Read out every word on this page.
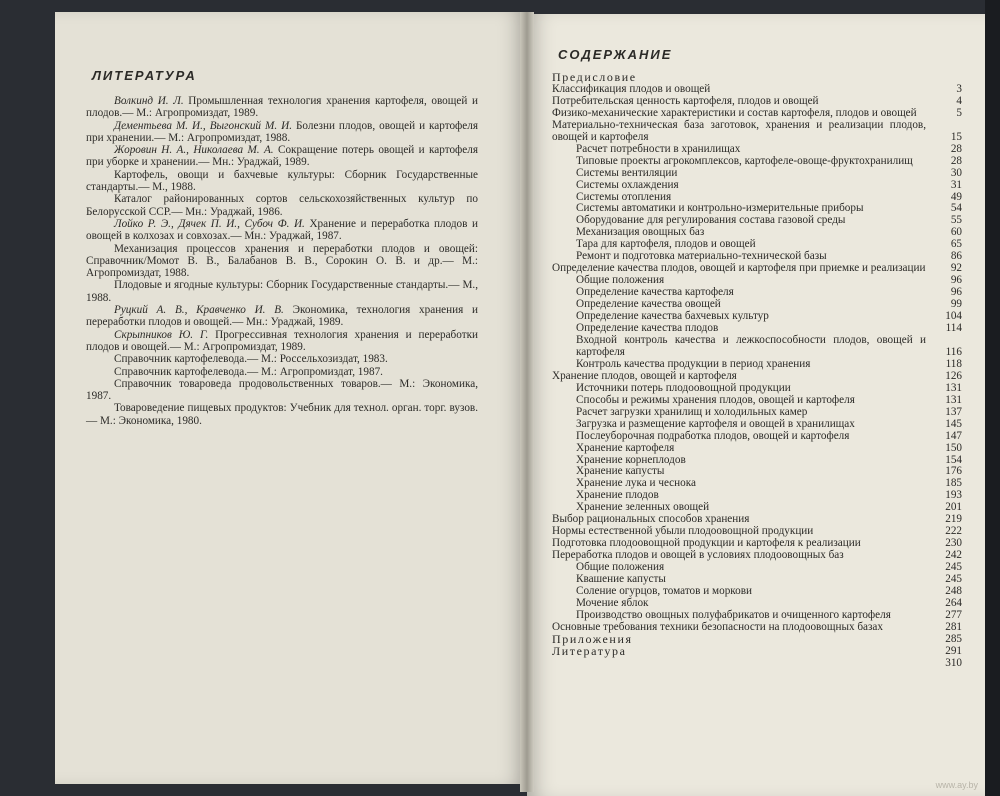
ЛИТЕРАТУРА

Волкинд И. Л. Промышленная технология хранения картофеля, овощей и плодов.— М.: Агропромиздат, 1989.

Дементьева М. И., Выгонский М. И. Болезни плодов, овощей и картофеля при хранении.— М.: Агропромиздат, 1988.

Жоровин Н. А., Николаева М. А. Сокращение потерь овощей и картофеля при уборке и хранении.— Мн.: Ураджай, 1989.

Картофель, овощи и бахчевые культуры: Сборник Государственные стандарты.— М., 1988.

Каталог районированных сортов сельскохозяйственных культур по Белорусской ССР.— Мн.: Ураджай, 1986.

Лойко Р. Э., Дячек П. И., Субоч Ф. И. Хранение и переработка плодов и овощей в колхозах и совхозах.— Мн.: Ураджай, 1987.

Механизация процессов хранения и переработки плодов и овощей: Справочник/Момот В. В., Балабанов В. В., Сорокин О. В. и др.— М.: Агропромиздат, 1988.

Плодовые и ягодные культуры: Сборник Государственные стандарты.— М., 1988.

Руцкий А. В., Кравченко И. В. Экономика, технология хранения и переработки плодов и овощей.— Мн.: Ураджай, 1989.

Скрыпников Ю. Г. Прогрессивная технология хранения и переработки плодов и овощей.— М.: Агропромиздат, 1989.

Справочник картофелевода.— М.: Россельхозиздат, 1983.

Справочник картофелевода.— М.: Агропромиздат, 1987.

Справочник товароведа продовольственных товаров.— М.: Экономика, 1987.

Товароведение пищевых продуктов: Учебник для технол. орган. торг. вузов.— М.: Экономика, 1980.

СОДЕРЖАНИЕ
Предисловие
Классификация плодов и овощей	3
Потребительская ценность картофеля, плодов и овощей	4
Физико-механические характеристики и состав картофеля, плодов и овощей	5
Материально-техническая база заготовок, хранения и реализации плодов, овощей и картофеля	15
Расчет потребности в хранилищах	28
Типовые проекты агрокомплексов, картофеле-овоще-фруктохранилищ	28
Системы вентиляции	30
Системы охлаждения	31
Системы отопления	49
Системы автоматики и контрольно-измерительные приборы	54
Оборудование для регулирования состава газовой среды	55
Механизация овощных баз	60
Тара для картофеля, плодов и овощей	65
Ремонт и подготовка материально-технической базы	86
Определение качества плодов, овощей и картофеля при приемке и реализации	92
Общие положения	96
Определение качества картофеля	96
Определение качества овощей	99
Определение качества бахчевых культур	104
Определение качества плодов	114
Входной контроль качества и лежкоспособности плодов, овощей и картофеля	116
Контроль качества продукции в период хранения	118
Хранение плодов, овощей и картофеля	126
Источники потерь плодоовощной продукции	131
Способы и режимы хранения плодов, овощей и картофеля	131
Расчет загрузки хранилищ и холодильных камер	137
Загрузка и размещение картофеля и овощей в хранилищах	145
Послеуборочная подработка плодов, овощей и картофеля	147
Хранение картофеля	150
Хранение корнеплодов	154
Хранение капусты	176
Хранение лука и чеснока	185
Хранение плодов	193
Хранение зеленных овощей	201
Выбор рациональных способов хранения	219
Нормы естественной убыли плодоовощной продукции	222
Подготовка плодоовощной продукции и картофеля к реализации	230
Переработка плодов и овощей в условиях плодоовощных баз	242
Общие положения	245
Квашение капусты	245
Соление огурцов, томатов и моркови	248
Мочение яблок	264
Производство овощных полуфабрикатов и очищенного картофеля	277
Основные требования техники безопасности на плодоовощных базах	281
Приложения	285
Литература	291
310
www.ay.by
